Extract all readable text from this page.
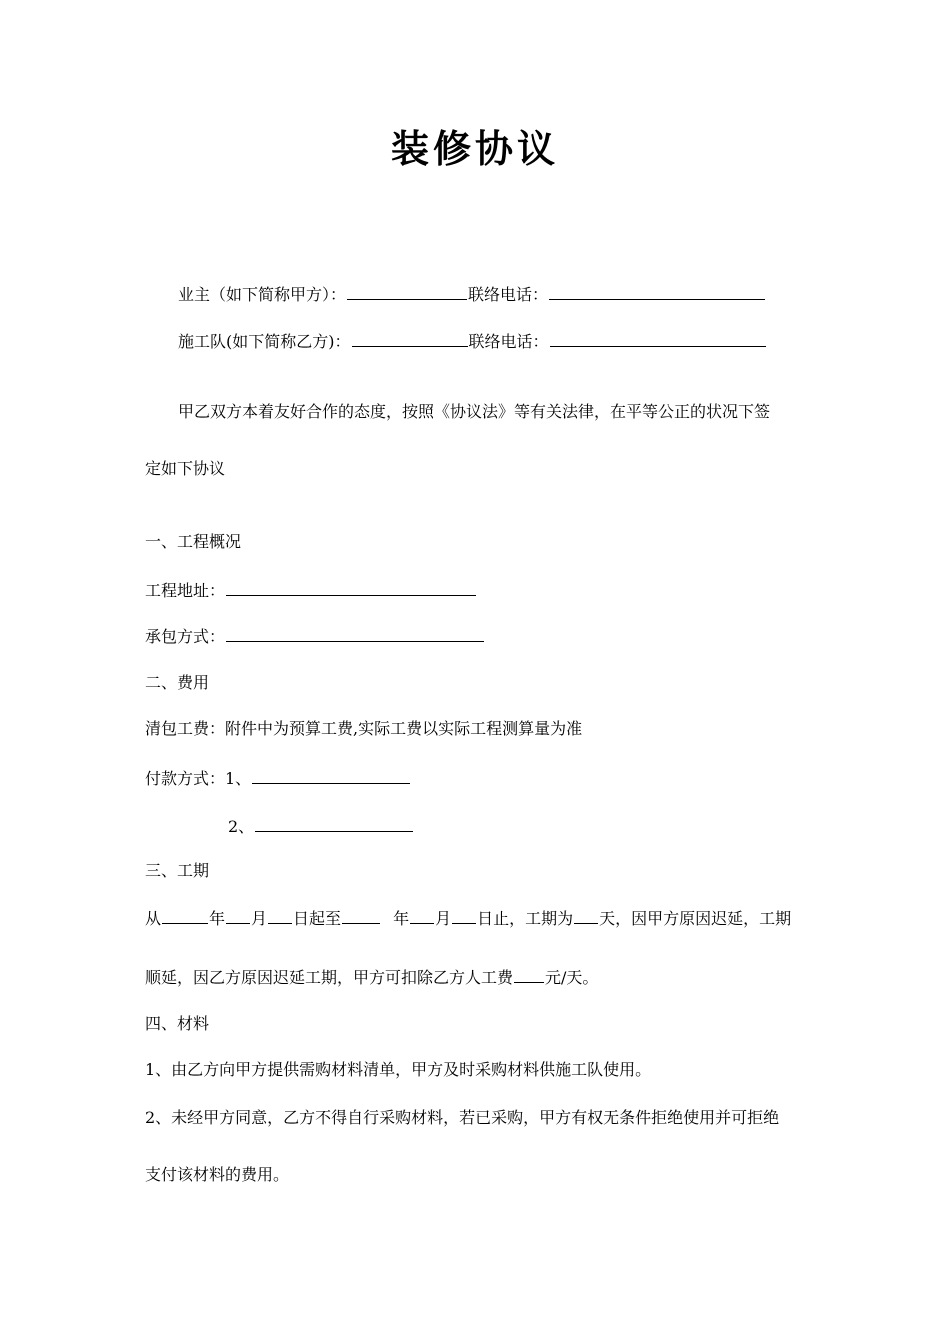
装修协议
业主（如下简称甲方）：	联络电话：
施工队(如下简称乙方)：	联络电话：
甲乙双方本着友好合作的态度，按照《协议法》等有关法律，在平等公正的状况下签
定如下协议
一、工程概况
工程地址：
承包方式：
二、费用
清包工费：附件中为预算工费,实际工费以实际工程测算量为准
付款方式：1、
2、
三、工期
从	年 月 日起至	年 月 日止，工期为 天，因甲方原因迟延，工期
顺延，因乙方原因迟延工期，甲方可扣除乙方人工费 元/天。
四、材料
1、由乙方向甲方提供需购材料清单，甲方及时采购材料供施工队使用。
2、未经甲方同意，乙方不得自行采购材料，若已采购，甲方有权无条件拒绝使用并可拒绝
支付该材料的费用。
